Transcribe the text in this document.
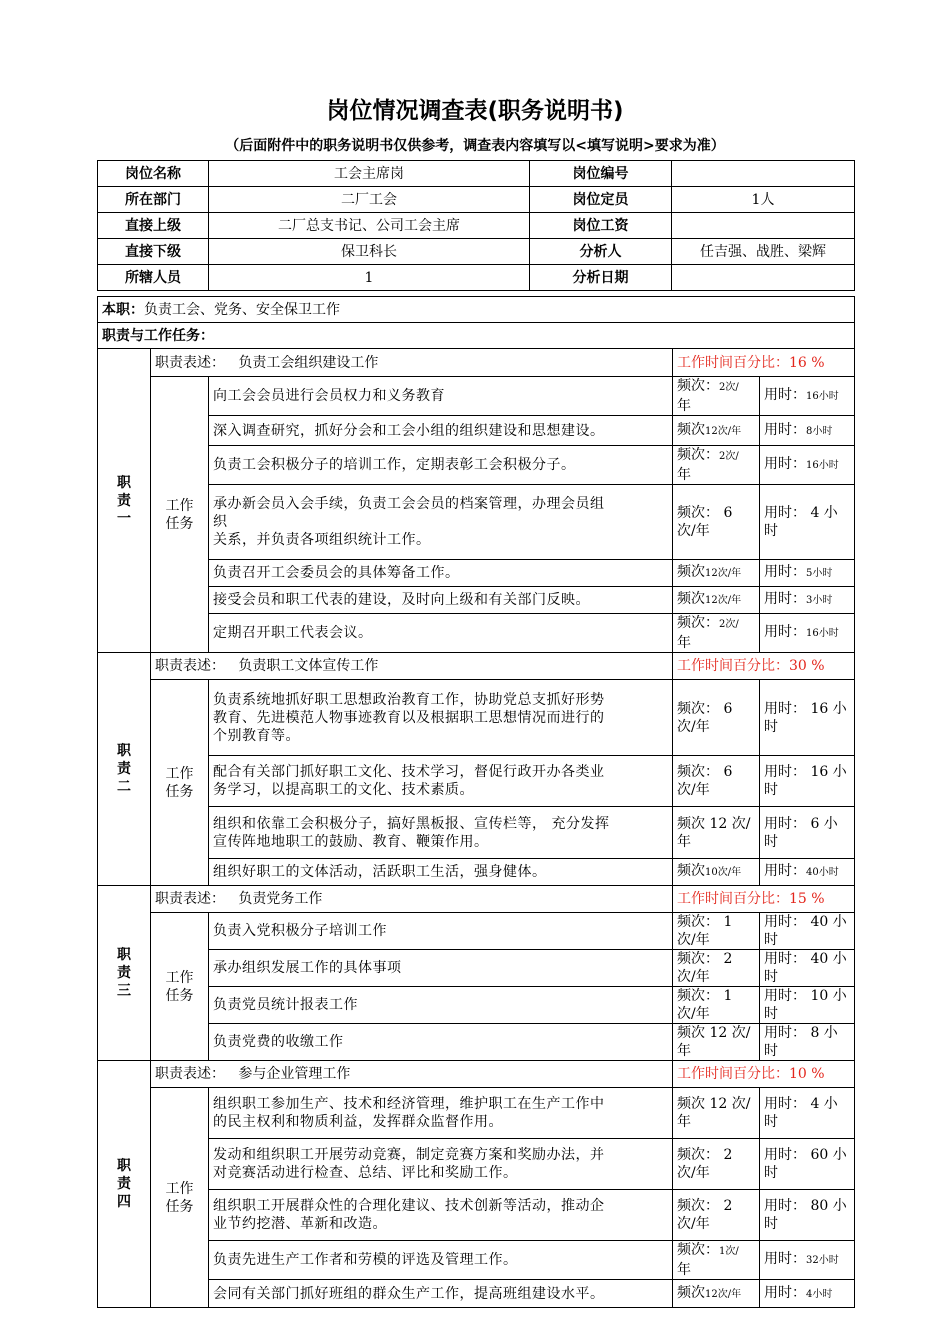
岗位情况调查表(职务说明书)
（后面附件中的职务说明书仅供参考，调查表内容填写以<填写说明>要求为准）
岗位名称	工会主席岗	岗位编号	
所在部门	二厂工会	岗位定员	1人
直接上级	二厂总支书记、公司工会主席	岗位工资	
直接下级	保卫科长	分析人	任吉强、战胜、梁辉
所辖人员	1	分析日期	
本职：负责工会、党务、安全保卫工作				
职责与工作任务：				

职责一	职责表述： 负责工会组织建设工作		工作时间百分比：16 %	

	工作任务	向工会会员进行会员权力和义务教育	频次：2次/
年	用时：16小时
		深入调查研究，抓好分会和工会小组的组织建设和思想建设。	频次12次/年	用时：8小时
		负责工会积极分子的培训工作，定期表彰工会积极分子。	频次：2次/
年	用时：16小时

		承办新会员入会手续，负责工会会员的档案管理，办理会员组
织
关系，并负责各项组织统计工作。	频次： 6 次/年	用时： 4 小时
		负责召开工会委员会的具体筹备工作。	频次12次/年	用时：5小时
		接受会员和职工代表的建设，及时向上级和有关部门反映。	频次12次/年	用时：3小时
		定期召开职工代表会议。	频次：2次/
年	用时：16小时

职责二	职责表述： 负责职工文体宣传工作		工作时间百分比：30 %	

	工作任务	负责系统地抓好职工思想政治教育工作，协助党总支抓好形势
教育、先进模范人物事迹教育以及根据职工思想情况而进行的
个别教育等。	频次： 6 次/年	用时： 16 小时

		配合有关部门抓好职工文化、技术学习，督促行政开办各类业
务学习，以提高职工的文化、技术素质。	频次： 6 次/年	用时： 16 小时

		组织和依靠工会积极分子，搞好黑板报、宣传栏等， 充分发挥
宣传阵地地职工的鼓励、教育、鞭策作用。	频次 12 次/年	用时： 6 小时
		组织好职工的文体活动，活跃职工生活，强身健体。	频次10次/年	用时：40小时

职责三	职责表述： 负责党务工作		工作时间百分比：15 %	

	工作任务	负责入党积极分子培训工作	频次： 1 次/年	用时： 40 小时
		承办组织发展工作的具体事项	频次： 2 次/年	用时： 40 小时
		负责党员统计报表工作	频次： 1 次/年	用时： 10 小时
		负责党费的收缴工作	频次 12 次/年	用时： 8 小时

职责四	职责表述： 参与企业管理工作		工作时间百分比：10 %	

	工作任务	组织职工参加生产、技术和经济管理，维护职工在生产工作中
的民主权利和物质利益，发挥群众监督作用。	频次 12 次/年	用时： 4 小时

		发动和组织职工开展劳动竞赛，制定竞赛方案和奖励办法，并
对竞赛活动进行检查、总结、评比和奖励工作。	频次： 2 次/年	用时： 60 小时

		组织职工开展群众性的合理化建议、技术创新等活动，推动企
业节约挖潜、革新和改造。	频次： 2 次/年	用时： 80 小时
		负责先进生产工作者和劳模的评选及管理工作。	频次：1次/
年	用时：32小时
		会同有关部门抓好班组的群众生产工作，提高班组建设水平。	频次12次/年	用时：4小时
